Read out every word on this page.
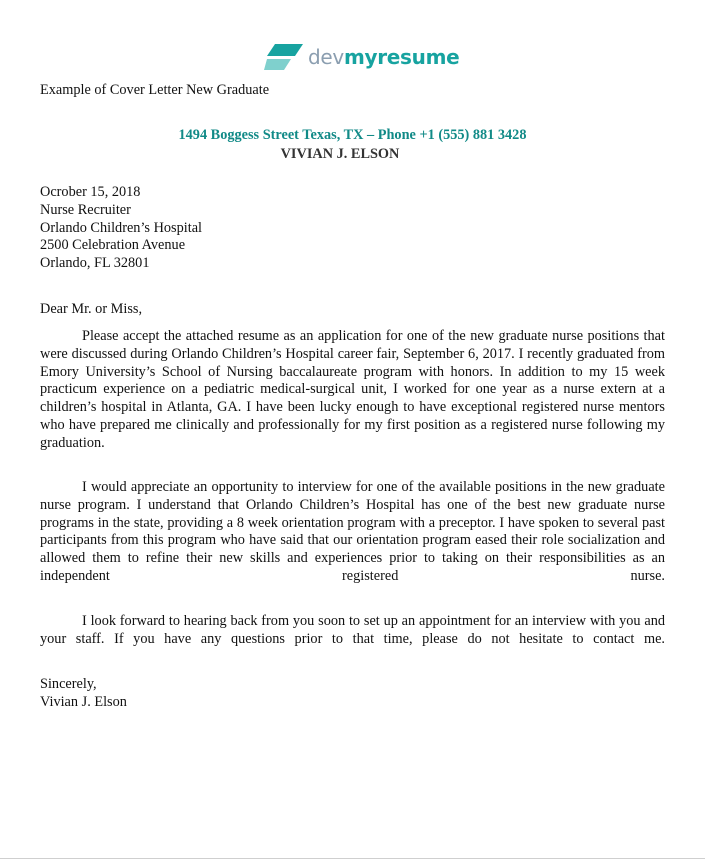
devmyresume
Example of Cover Letter New Graduate
1494 Boggess Street Texas, TX – Phone +1 (555) 881 3428
VIVIAN J. ELSON
Ocrober 15, 2018
Nurse Recruiter
Orlando Children’s Hospital
2500 Celebration Avenue
Orlando, FL 32801
Dear Mr. or Miss,

Please accept the attached resume as an application for one of the new graduate nurse positions that were discussed during Orlando Children’s Hospital career fair, September 6, 2017. I recently graduated from Emory University’s School of Nursing baccalaureate program with honors. In addition to my 15 week practicum experience on a pediatric medical-surgical unit, I worked for one year as a nurse extern at a children’s hospital in Atlanta, GA. I have been lucky enough to have exceptional registered nurse mentors who have prepared me clinically and professionally for my first position as a registered nurse following my graduation.

I would appreciate an opportunity to interview for one of the available positions in the new graduate nurse program. I understand that Orlando Children’s Hospital has one of the best new graduate nurse programs in the state, providing a 8 week orientation program with a preceptor. I have spoken to several past participants from this program who have said that our orientation program eased their role socialization and allowed them to refine their new skills and experiences prior to taking on their responsibilities as an independent registered nurse.

I look forward to hearing back from you soon to set up an appointment for an interview with you and your staff. If you have any questions prior to that time, please do not hesitate to contact me.

Sincerely,
Vivian J. Elson
